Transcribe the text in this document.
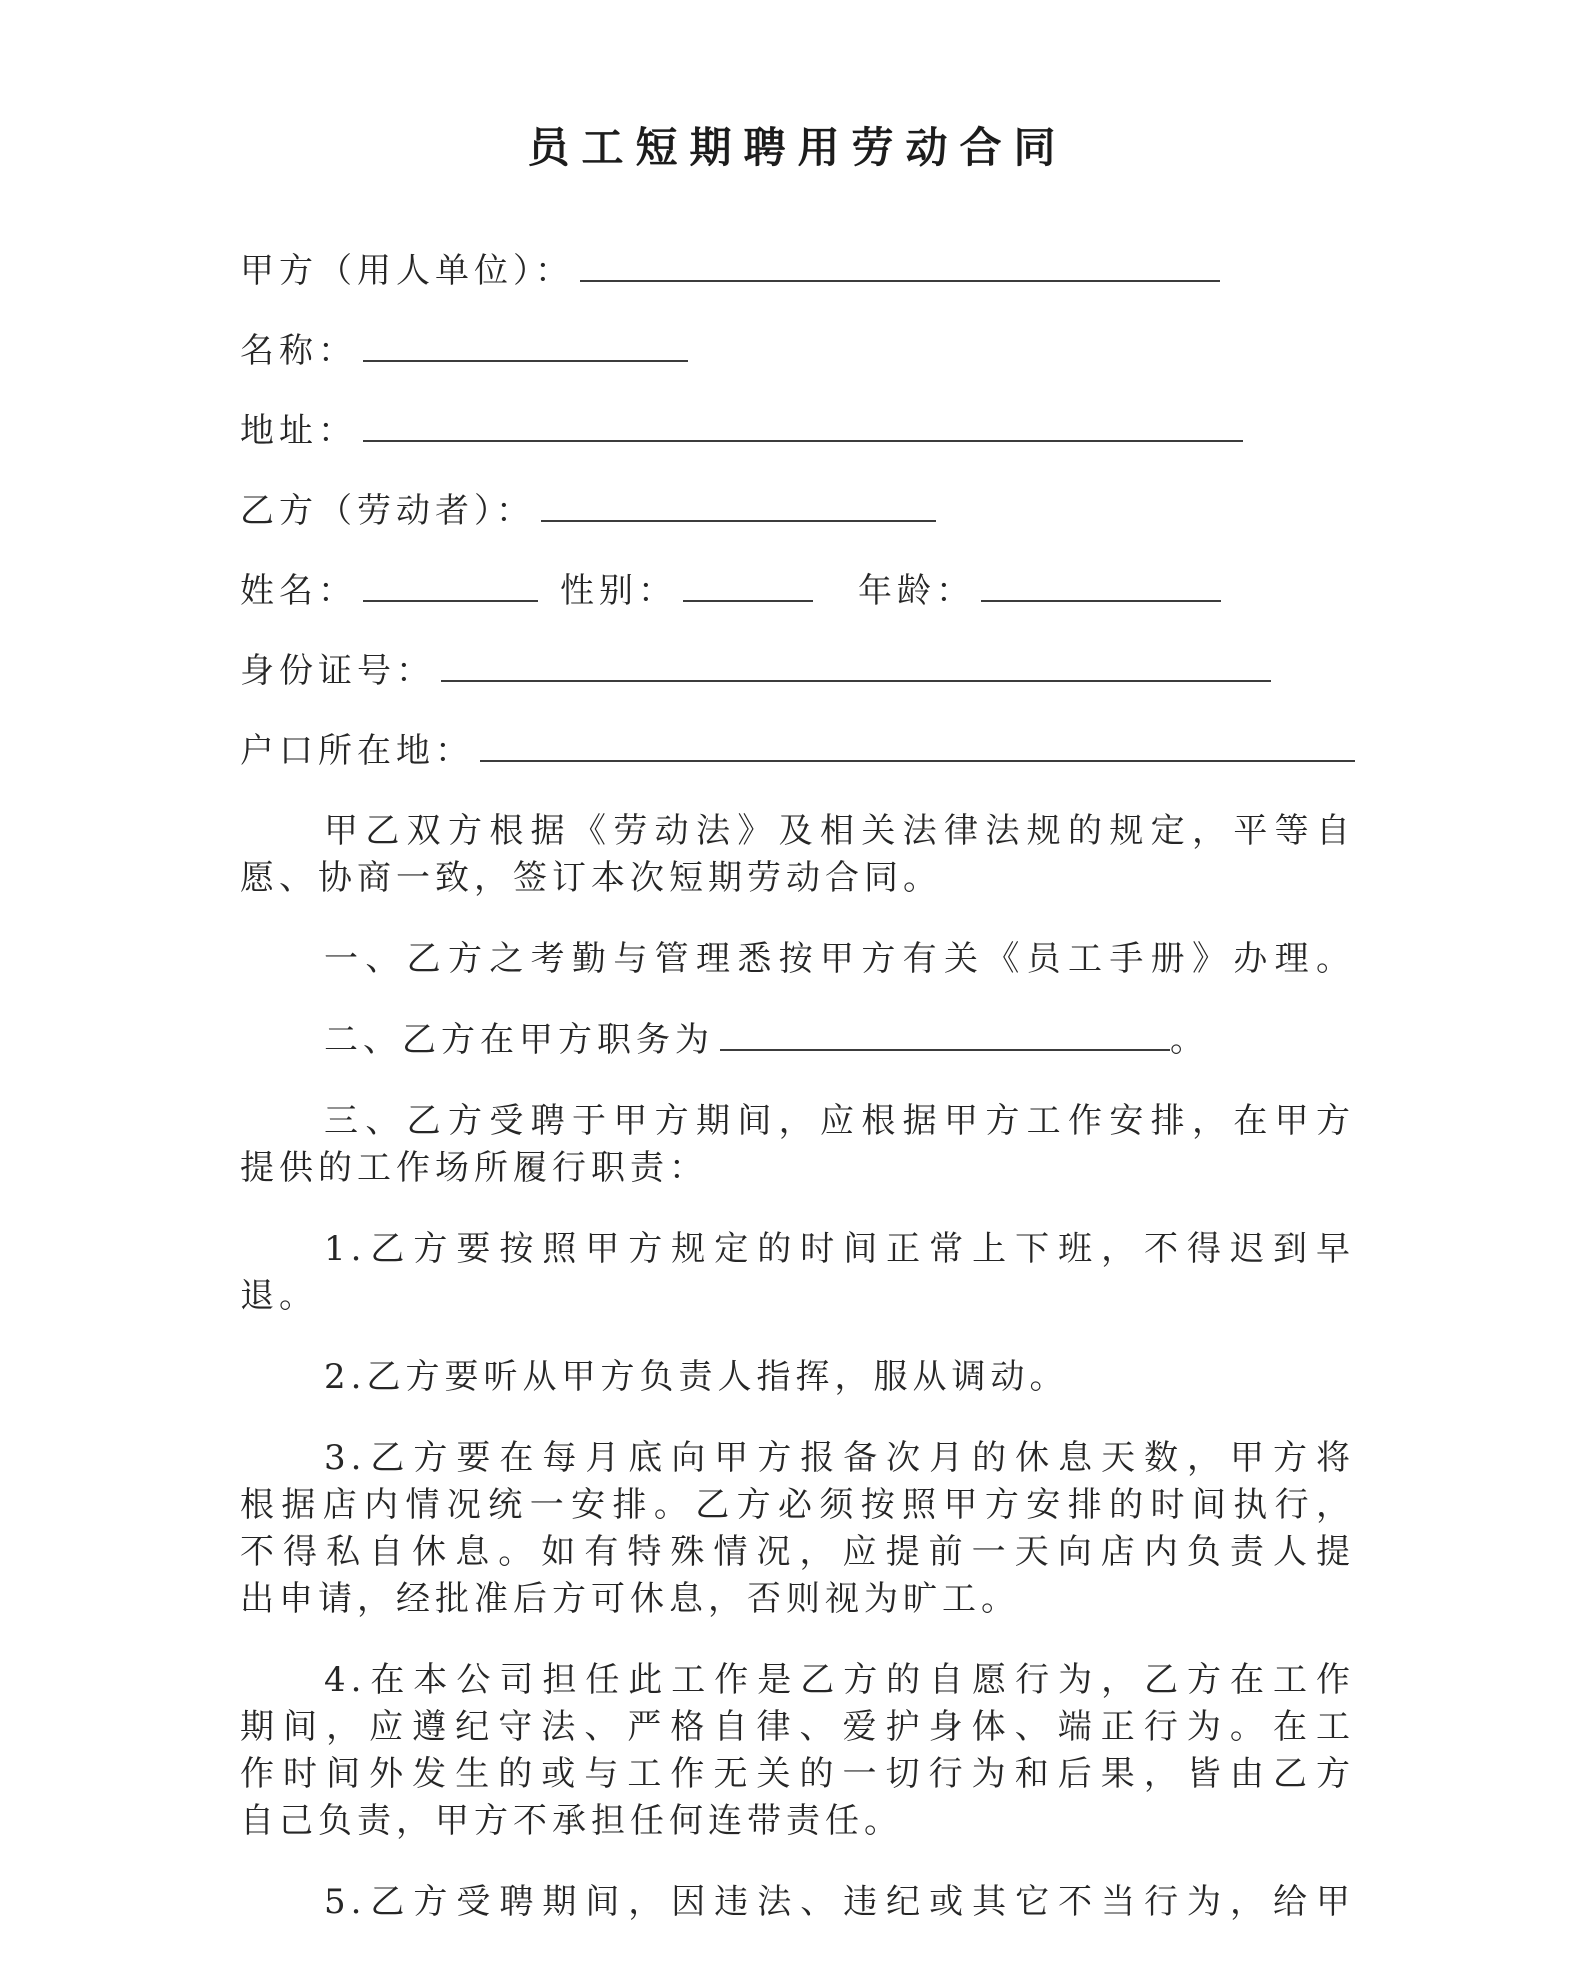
员工短期聘用劳动合同
甲方（用人单位）：
名称：
地址：
乙方（劳动者）：
姓名：	性别：	年龄：
身份证号：
户口所在地：
甲乙双方根据《劳动法》及相关法律法规的规定，平等自
愿、协商一致，签订本次短期劳动合同。
一、乙方之考勤与管理悉按甲方有关《员工手册》办理。
二、乙方在甲方职务为	。
三、乙方受聘于甲方期间，应根据甲方工作安排，在甲方
提供的工作场所履行职责：
1.乙方要按照甲方规定的时间正常上下班，不得迟到早
退。
2.乙方要听从甲方负责人指挥，服从调动。
3.乙方要在每月底向甲方报备次月的休息天数，甲方将
根据店内情况统一安排。乙方必须按照甲方安排的时间执行，
不得私自休息。如有特殊情况，应提前一天向店内负责人提
出申请，经批准后方可休息，否则视为旷工。
4.在本公司担任此工作是乙方的自愿行为，乙方在工作
期间，应遵纪守法、严格自律、爱护身体、端正行为。在工
作时间外发生的或与工作无关的一切行为和后果，皆由乙方
自己负责，甲方不承担任何连带责任。
5.乙方受聘期间，因违法、违纪或其它不当行为，给甲
